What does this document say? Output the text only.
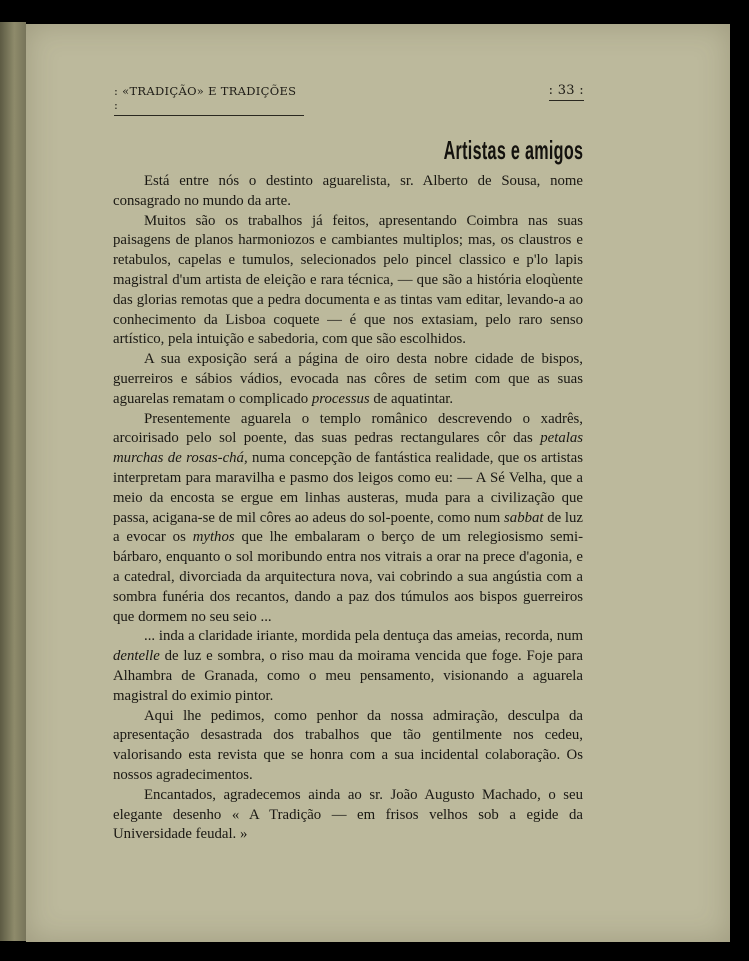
: «TRADIÇÃO» E TRADIÇÕES :
: 33 :
Artistas e amigos

Está entre nós o destinto aguarelista, sr. Alberto de Sousa, nome consagrado no mundo da arte.

Muitos são os trabalhos já feitos, apresentando Coimbra nas suas paisagens de planos harmoniozos e cambiantes multiplos; mas, os claustros e retabulos, capelas e tumulos, selecionados pelo pincel classico e p'lo lapis magistral d'um artista de eleição e rara técnica, — que são a história eloqùente das glorias remotas que a pedra documenta e as tintas vam editar, levando-a ao conhecimento da Lisboa coquete — é que nos extasiam, pelo raro senso artístico, pela intuição e sabedoria, com que são escolhidos.

A sua exposição será a página de oiro desta nobre cidade de bispos, guerreiros e sábios vádios, evocada nas côres de setim com que as suas aguarelas rematam o complicado processus de aquatintar.

Presentemente aguarela o templo românico descrevendo o xadrês, arcoirisado pelo sol poente, das suas pedras rectangulares côr das petalas murchas de rosas-chá, numa concepção de fantástica realidade, que os artistas interpretam para maravilha e pasmo dos leigos como eu: — A Sé Velha, que a meio da encosta se ergue em linhas austeras, muda para a civilização que passa, acigana-se de mil côres ao adeus do sol-poente, como num sabbat de luz a evocar os mythos que lhe embalaram o berço de um relegiosismo semi-bárbaro, enquanto o sol moribundo entra nos vitrais a orar na prece d'agonia, e a catedral, divorciada da arquitectura nova, vai cobrindo a sua angústia com a sombra funéria dos recantos, dando a paz dos túmulos aos bispos guerreiros que dormem no seu seio ...

... inda a claridade iriante, mordida pela dentuça das ameias, recorda, num dentelle de luz e sombra, o riso mau da moirama vencida que foge. Foje para Alhambra de Granada, como o meu pensamento, visionando a aguarela magistral do eximio pintor.

Aqui lhe pedimos, como penhor da nossa admiração, desculpa da apresentação desastrada dos trabalhos que tão gentilmente nos cedeu, valorisando esta revista que se honra com a sua incidental colaboração. Os nossos agradecimentos.

Encantados, agradecemos ainda ao sr. João Augusto Machado, o seu elegante desenho « A Tradição — em frisos velhos sob a egide da Universidade feudal. »
